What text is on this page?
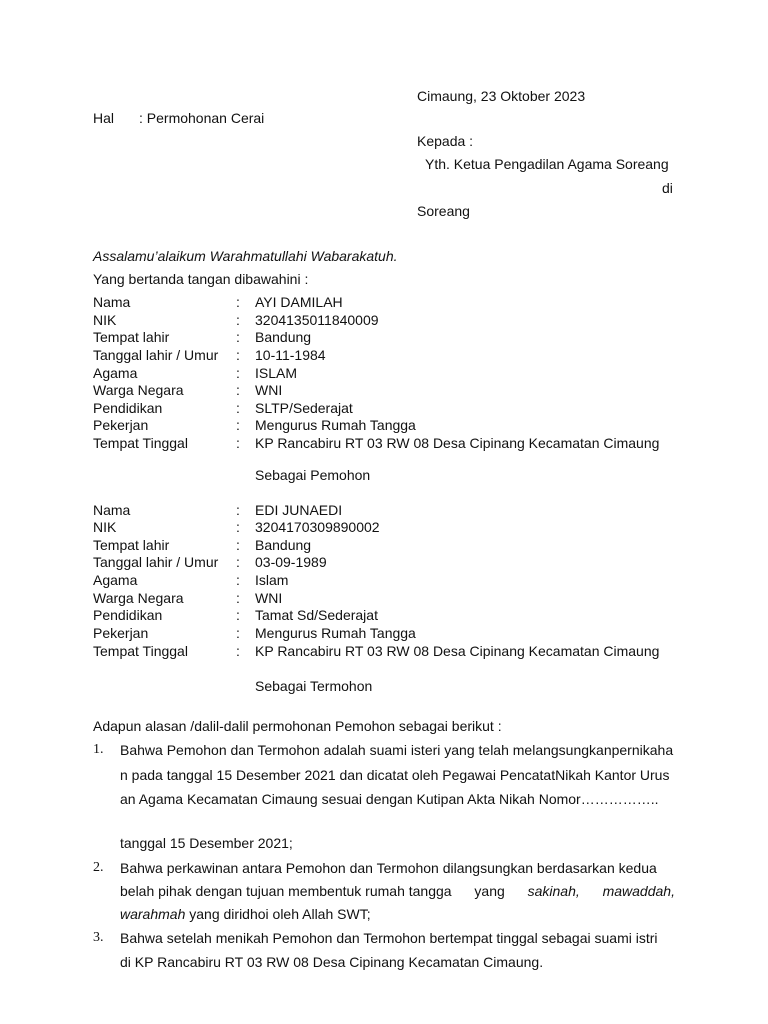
Cimaung, 23 Oktober 2023
Hal : Permohonan Cerai
Kepada :
Yth. Ketua Pengadilan Agama Soreang
di
Soreang
Assalamu’alaikum Warahmatullahi Wabarakatuh.
Yang bertanda tangan dibawahini :
Nama	: AYI DAMILAH
NIK	: 3204135011840009
Tempat lahir	: Bandung
Tanggal lahir / Umur : 10-11-1984
Agama	: ISLAM
Warga Negara	: WNI
Pendidikan	: SLTP/Sederajat
Pekerjan	: Mengurus Rumah Tangga
Tempat Tinggal	: KP Rancabiru RT 03 RW 08 Desa Cipinang Kecamatan Cimaung
Sebagai Pemohon
Nama	: EDI JUNAEDI
NIK	: 3204170309890002
Tempat lahir	: Bandung
Tanggal lahir / Umur : 03-09-1989
Agama	: Islam
Warga Negara	: WNI
Pendidikan	: Tamat Sd/Sederajat
Pekerjan	: Mengurus Rumah Tangga
Tempat Tinggal	: KP Rancabiru RT 03 RW 08 Desa Cipinang Kecamatan Cimaung
Sebagai Termohon
Adapun alasan /dalil-dalil permohonan Pemohon sebagai berikut :
1. Bahwa Pemohon dan Termohon adalah suami isteri yang telah melangsungkanpernikaha
n pada tanggal 15 Desember 2021 dan dicatat oleh Pegawai PencatatNikah Kantor Urus
an Agama Kecamatan Cimaung sesuai dengan Kutipan Akta Nikah Nomor……………..
tanggal 15 Desember 2021;
2. Bahwa perkawinan antara Pemohon dan Termohon dilangsungkan berdasarkan kedua
belah pihak dengan tujuan membentuk rumah tangga yang sakinah, mawaddah,
warahmah yang diridhoi oleh Allah SWT;
3. Bahwa setelah menikah Pemohon dan Termohon bertempat tinggal sebagai suami istri
di KP Rancabiru RT 03 RW 08 Desa Cipinang Kecamatan Cimaung.
